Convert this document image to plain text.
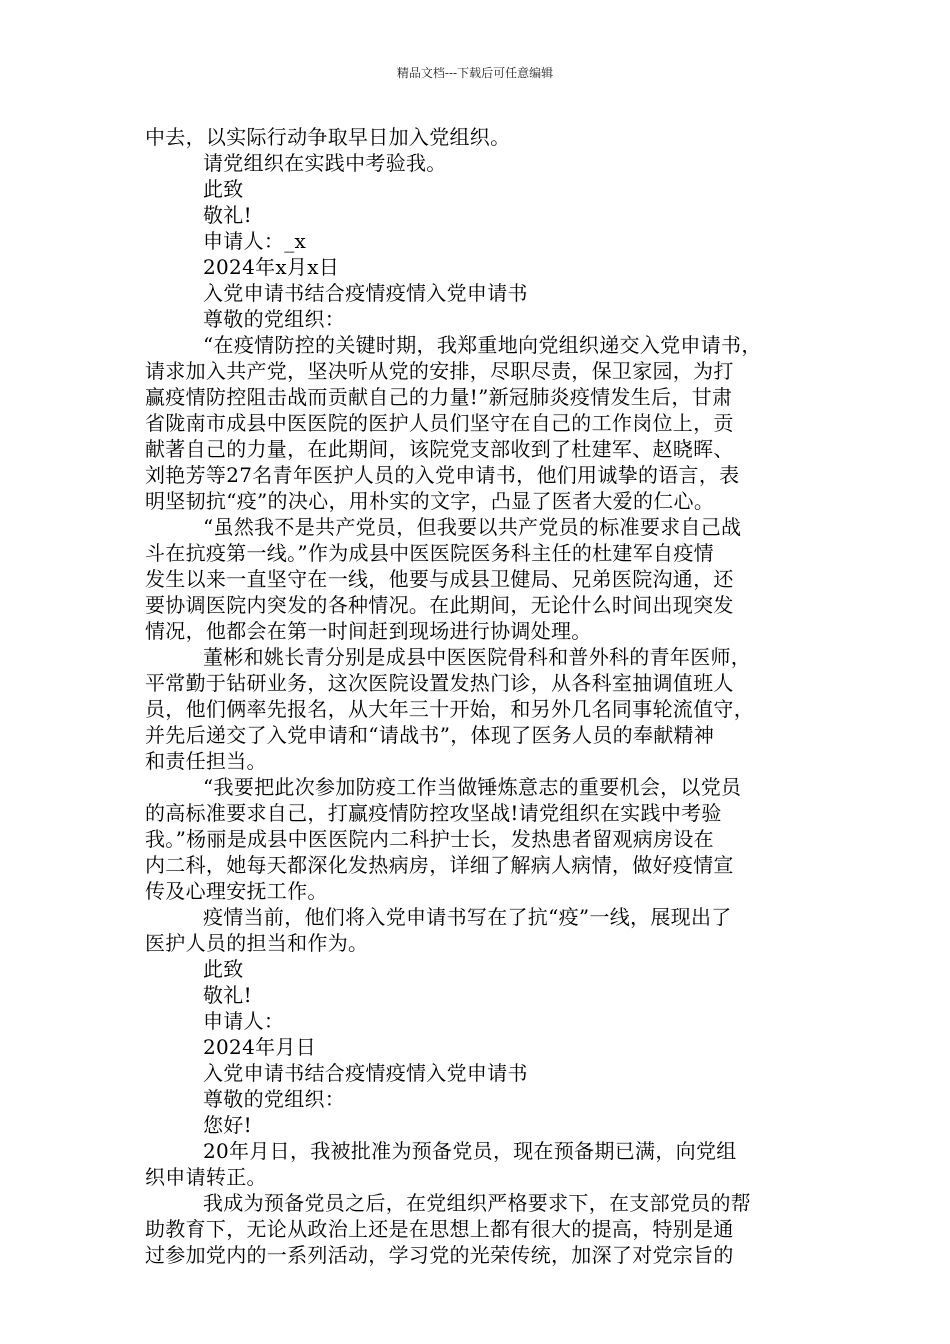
精品文档---下载后可任意编辑
中去，以实际行动争取早日加入党组织。
请党组织在实践中考验我。
此致
敬礼!
申请人：_x
2024年x月x日
入党申请书结合疫情疫情入党申请书
尊敬的党组织：
“在疫情防控的关键时期，我郑重地向党组织递交入党申请书，
请求加入共产党，坚决听从党的安排，尽职尽责，保卫家园，为打
赢疫情防控阻击战而贡献自己的力量!”新冠肺炎疫情发生后，甘肃
省陇南市成县中医医院的医护人员们坚守在自己的工作岗位上，贡
献著自己的力量，在此期间，该院党支部收到了杜建军、赵晓晖、
刘艳芳等27名青年医护人员的入党申请书，他们用诚挚的语言，表
明坚韧抗“疫”的决心，用朴实的文字，凸显了医者大爱的仁心。
“虽然我不是共产党员，但我要以共产党员的标准要求自己战
斗在抗疫第一线。”作为成县中医医院医务科主任的杜建军自疫情
发生以来一直坚守在一线，他要与成县卫健局、兄弟医院沟通，还
要协调医院内突发的各种情况。在此期间，无论什么时间出现突发
情况，他都会在第一时间赶到现场进行协调处理。
董彬和姚长青分别是成县中医医院骨科和普外科的青年医师，
平常勤于钻研业务，这次医院设置发热门诊，从各科室抽调值班人
员，他们俩率先报名，从大年三十开始，和另外几名同事轮流值守，
并先后递交了入党申请和“请战书”，体现了医务人员的奉献精神
和责任担当。
“我要把此次参加防疫工作当做锤炼意志的重要机会，以党员
的高标准要求自己，打赢疫情防控攻坚战!请党组织在实践中考验
我。”杨丽是成县中医医院内二科护士长，发热患者留观病房设在
内二科，她每天都深化发热病房，详细了解病人病情，做好疫情宣
传及心理安抚工作。
疫情当前，他们将入党申请书写在了抗“疫”一线，展现出了
医护人员的担当和作为。
此致
敬礼!
申请人：
2024年月日
入党申请书结合疫情疫情入党申请书
尊敬的党组织：
您好!
20年月日，我被批准为预备党员，现在预备期已满，向党组
织申请转正。
我成为预备党员之后，在党组织严格要求下，在支部党员的帮
助教育下，无论从政治上还是在思想上都有很大的提高，特别是通
过参加党内的一系列活动，学习党的光荣传统，加深了对党宗旨的
